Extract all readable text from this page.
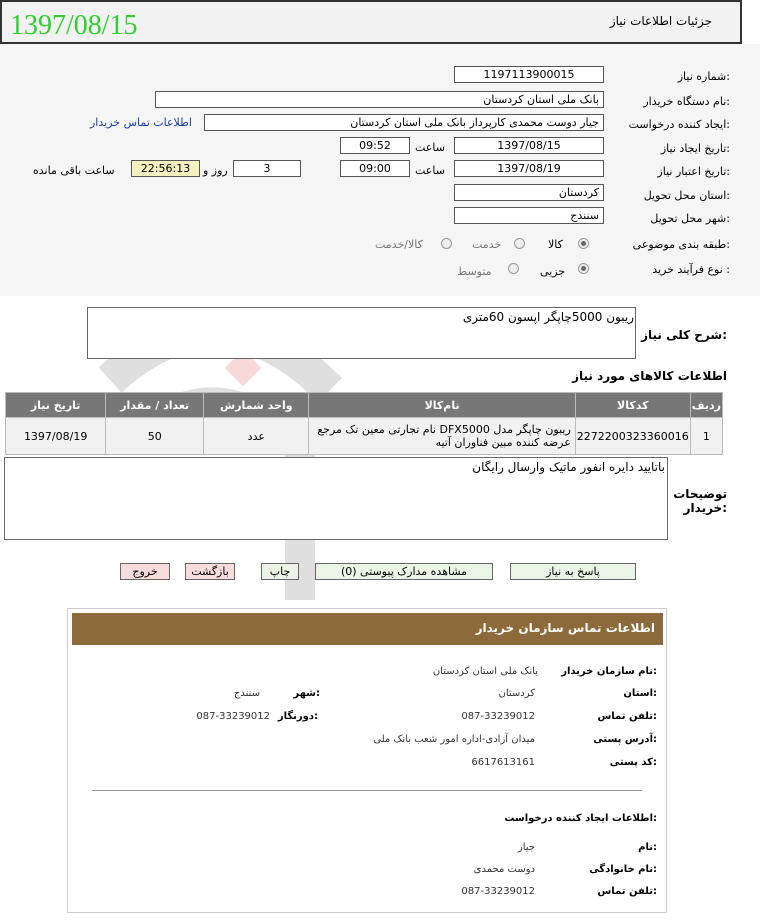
1397/08/15	جزئیات اطلاعات نیاز
شماره نیاز:
1197113900015
نام دستگاه خریدار:
بانک ملی استان کردستان
ایجاد کننده درخواست:
جیار دوست محمدی کارپرداز بانک ملی استان کردستان
اطلاعات تماس خریدار
تاریخ ایجاد نیاز:
1397/08/15
ساعت
09:52
تاریخ اعتبار نیاز:
1397/08/19
ساعت
09:00
3
روز و
22:56:13
ساعت باقی مانده
استان محل تحویل:
کردستان
شهر محل تحویل:
سنندج
طبقه بندی موضوعی:
کالا
خدمت
کالا/خدمت
نوع فرآیند خرید :
جزیی
متوسط
شرح کلی نیاز:
ریبون 5000چاپگر اپسون 60متری
اطلاعات کالاهای مورد نیاز
ردیف	کدکالا	نام‌کالا	واحد شمارش	تعداد / مقدار	تاریخ نیاز
1	2272200323360016	ریبون چاپگر مدل DFX5000 نام تجارتی معین تک مرجع عرضه کننده مبین فناوران آتیه	عدد	50	1397/08/19
توضیحات خریدار:
باتایید دایره انفور ماتیک وارسال رایگان
پاسخ به نیاز
مشاهده مدارک پیوستی (0)
چاپ
بازگشت
خروج
اطلاعات تماس سازمان خریدار
نام سازمان خریدار:
بانک ملی استان کردستان
استان:
کردستان
شهر:
سنندج
تلفن تماس:
087-33239012
دورنگار:
087-33239012
آدرس پستی:
میدان آزادی-اداره امور شعب بانک ملی
کد پستی:
6617613161
اطلاعات ایجاد کننده درخواست:
نام:
جیار
نام خانوادگی:
دوست محمدی
تلفن تماس:
087-33239012
